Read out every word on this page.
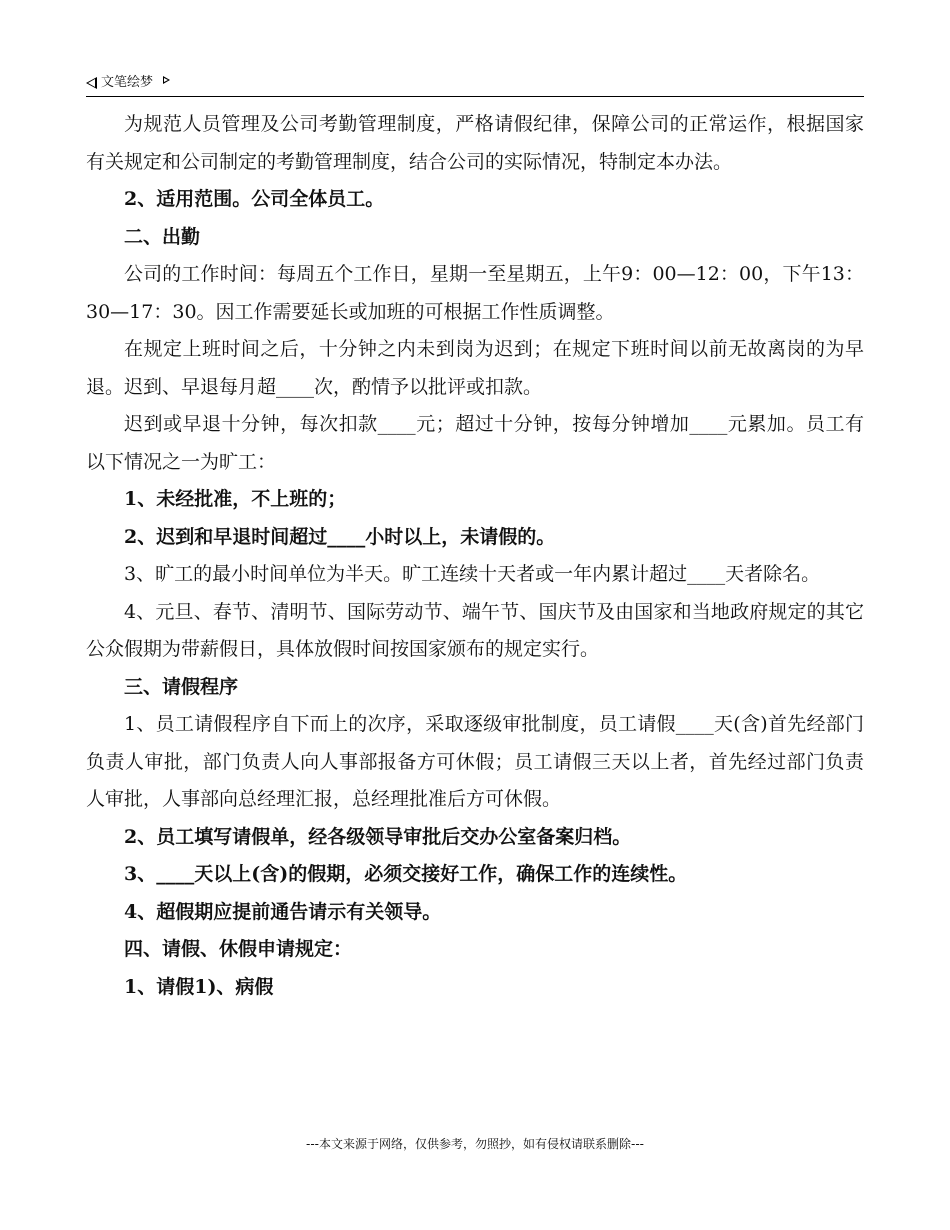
文笔绘梦

为规范人员管理及公司考勤管理制度，严格请假纪律，保障公司的正常运作，根据国家有关规定和公司制定的考勤管理制度，结合公司的实际情况，特制定本办法。

2、适用范围。公司全体员工。

二、出勤

公司的工作时间：每周五个工作日，星期一至星期五，上午9：00—12：00，下午13：30—17：30。因工作需要延长或加班的可根据工作性质调整。

在规定上班时间之后，十分钟之内未到岗为迟到；在规定下班时间以前无故离岗的为早退。迟到、早退每月超____次，酌情予以批评或扣款。

迟到或早退十分钟，每次扣款____元；超过十分钟，按每分钟增加____元累加。员工有以下情况之一为旷工：

1、未经批准，不上班的；

2、迟到和早退时间超过____小时以上，未请假的。

3、旷工的最小时间单位为半天。旷工连续十天者或一年内累计超过____天者除名。

4、元旦、春节、清明节、国际劳动节、端午节、国庆节及由国家和当地政府规定的其它公众假期为带薪假日，具体放假时间按国家颁布的规定实行。

三、请假程序

1、员工请假程序自下而上的次序，采取逐级审批制度，员工请假____天(含)首先经部门负责人审批，部门负责人向人事部报备方可休假；员工请假三天以上者，首先经过部门负责人审批，人事部向总经理汇报，总经理批准后方可休假。

2、员工填写请假单，经各级领导审批后交办公室备案归档。

3、____天以上(含)的假期，必须交接好工作，确保工作的连续性。

4、超假期应提前通告请示有关领导。

四、请假、休假申请规定：

1、请假1)、病假

---本文来源于网络，仅供参考，勿照抄，如有侵权请联系删除---
